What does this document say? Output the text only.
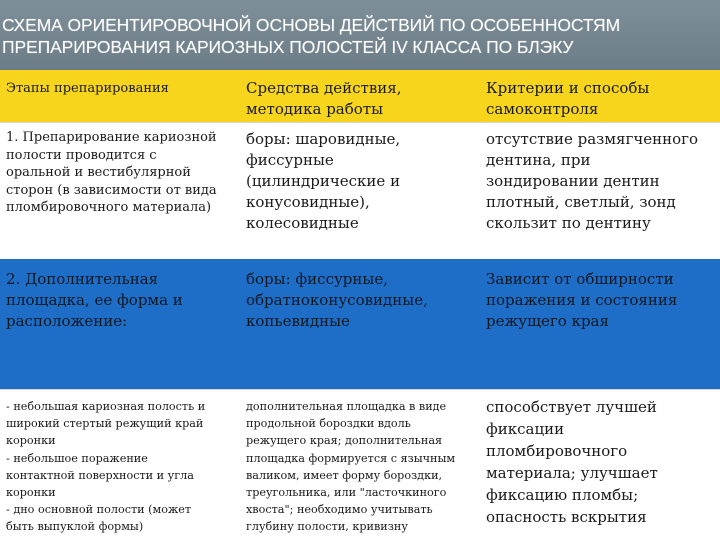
СХЕМА ОРИЕНТИРОВОЧНОЙ ОСНОВЫ ДЕЙСТВИЙ ПО ОСОБЕННОСТЯМ
ПРЕПАРИРОВАНИЯ КАРИОЗНЫХ ПОЛОСТЕЙ IV КЛАССА ПО БЛЭКУ
Этапы препарирования	Средства действия,
методика работы
Критерии и способы
самоконтроля
1. Препарирование кариозной
полости проводится с
оральной и вестибулярной
сторон (в зависимости от вида
пломбировочного материала)
боры: шаровидные,
фиссурные
(цилиндрические и
конусовидные),
колесовидные
отсутствие размягченного
дентина, при
зондировании дентин
плотный, светлый, зонд
скользит по дентину
2. Дополнительная
площадка, ее форма и
расположение:
боры: фиссурные,
обратноконусовидные,
копьевидные
Зависит от обширности
поражения и состояния
режущего края
- небольшая кариозная полость и
широкий стертый режущий край
коронки
- небольшое поражение
контактной поверхности и угла
коронки
- дно основной полости (может
быть выпуклой формы)
дополнительная площадка в виде
продольной бороздки вдоль
режущего края; дополнительная
площадка формируется с язычным
валиком, имеет форму бороздки,
треугольника, или "ласточкиного
хвоста"; необходимо учитывать
глубину полости, кривизну
способствует лучшей
фиксации
пломбировочного
материала; улучшает
фиксацию пломбы;
опасность вскрытия
